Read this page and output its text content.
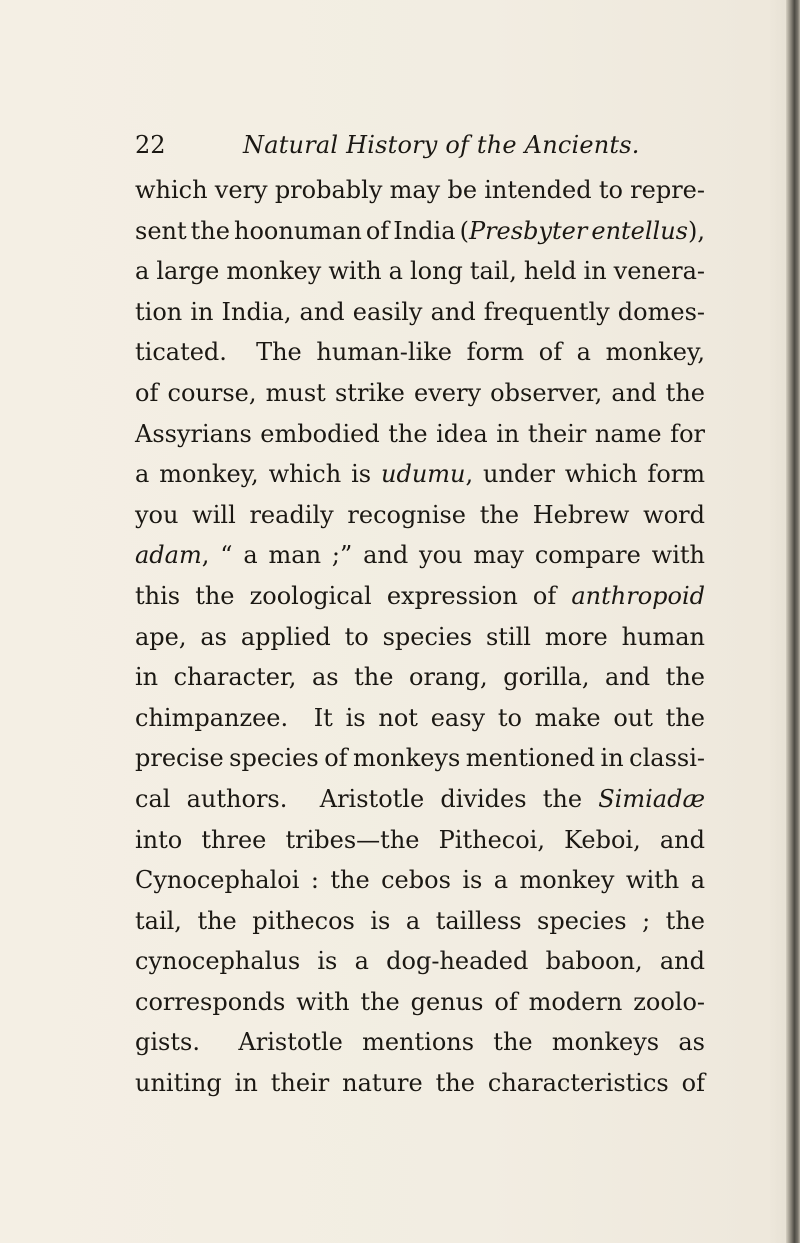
22	Natural History of the Ancients.
which very probably may be intended to repre-
sent the hoonuman of India (Presbyter entellus),
a large monkey with a long tail, held in venera-
tion in India, and easily and frequently domes-
ticated.  The human-like form of a monkey,
of course, must strike every observer, and the
Assyrians embodied the idea in their name for
a monkey, which is udumu, under which form
you will readily recognise the Hebrew word
adam, “ a man ;” and you may compare with
this the zoological expression of anthropoid
ape, as applied to species still more human
in character, as the orang, gorilla, and the
chimpanzee.  It is not easy to make out the
precise species of monkeys mentioned in classi-
cal authors.  Aristotle divides the Simiadæ
into three tribes—the Pithecoi, Keboi, and
Cynocephaloi : the cebos is a monkey with a
tail, the pithecos is a tailless species ; the
cynocephalus is a dog-headed baboon, and
corresponds with the genus of modern zoolo-
gists.  Aristotle mentions the monkeys as
uniting in their nature the characteristics of
